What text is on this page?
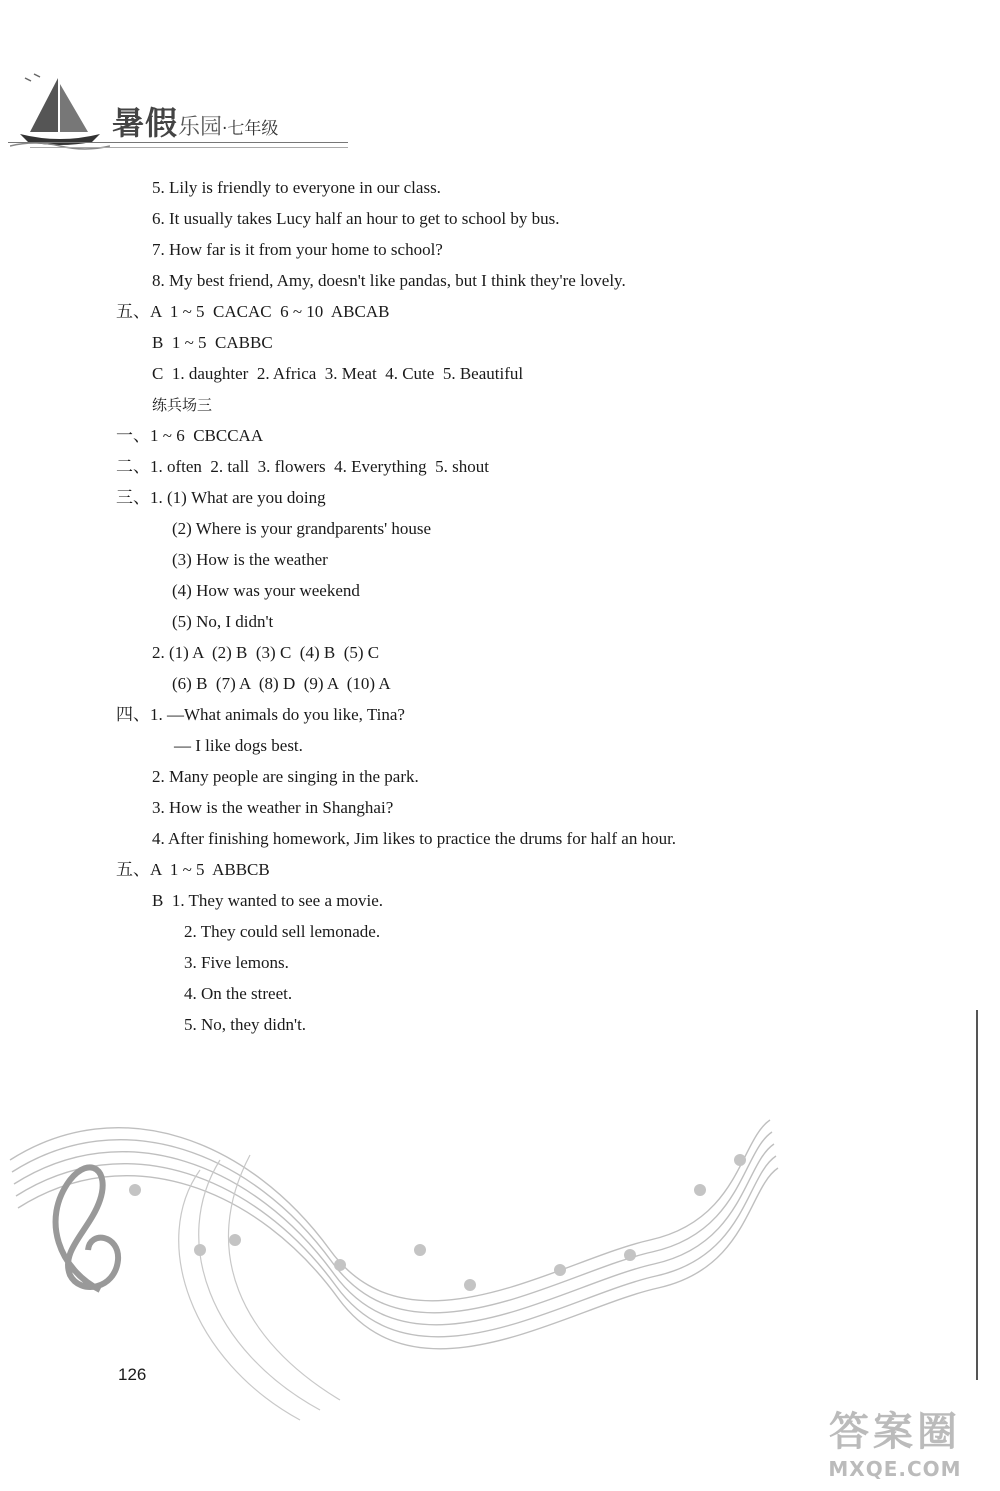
暑假乐园·七年级
5. Lily is friendly to everyone in our class.
6. It usually takes Lucy half an hour to get to school by bus.
7. How far is it from your home to school?
8. My best friend, Amy, doesn't like pandas, but I think they're lovely.
五、A  1 ~ 5  CACAC  6 ~ 10  ABCAB
B  1 ~ 5  CABBC
C  1. daughter  2. Africa  3. Meat  4. Cute  5. Beautiful
练兵场三
一、1 ~ 6  CBCCAA
二、1. often  2. tall  3. flowers  4. Everything  5. shout
三、1. (1) What are you doing
(2) Where is your grandparents' house
(3) How is the weather
(4) How was your weekend
(5) No, I didn't
2. (1) A  (2) B  (3) C  (4) B  (5) C
(6) B  (7) A  (8) D  (9) A  (10) A
四、1. —What animals do you like, Tina?
— I like dogs best.
2. Many people are singing in the park.
3. How is the weather in Shanghai?
4. After finishing homework, Jim likes to practice the drums for half an hour.
五、A  1 ~ 5  ABBCB
B  1. They wanted to see a movie.
2. They could sell lemonade.
3. Five lemons.
4. On the street.
5. No, they didn't.
126
答案圈
MXQE.COM
